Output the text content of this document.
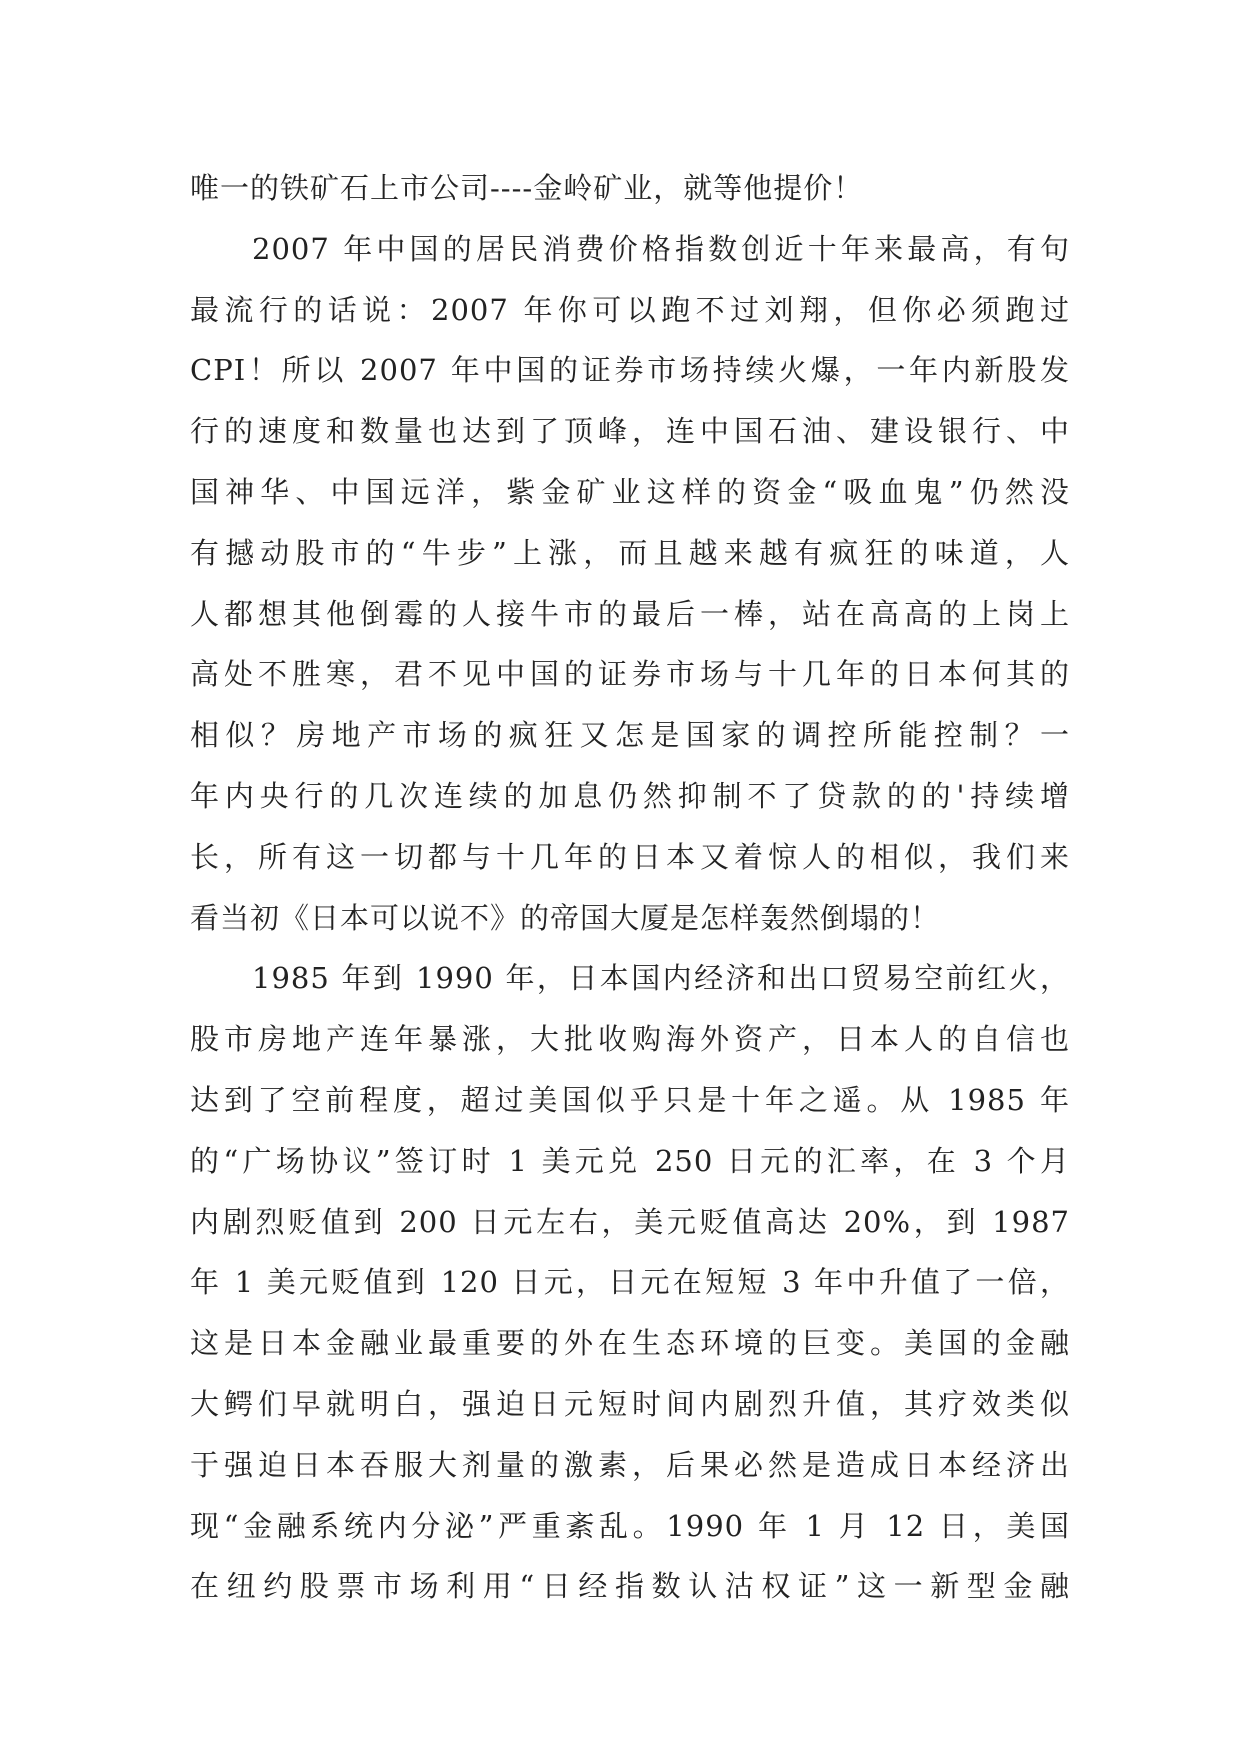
唯一的铁矿石上市公司----金岭矿业，就等他提价！
2007 年中国的居民消费价格指数创近十年来最高，有句
最流行的话说：2007 年你可以跑不过刘翔，但你必须跑过
CPI！所以 2007 年中国的证券市场持续火爆，一年内新股发
行的速度和数量也达到了顶峰，连中国石油、建设银行、中
国神华、中国远洋，紫金矿业这样的资金“吸血鬼”仍然没
有撼动股市的“牛步”上涨，而且越来越有疯狂的味道，人
人都想其他倒霉的人接牛市的最后一棒，站在高高的上岗上
高处不胜寒，君不见中国的证券市场与十几年的日本何其的
相似？房地产市场的疯狂又怎是国家的调控所能控制？一
年内央行的几次连续的加息仍然抑制不了贷款的的'持续增
长，所有这一切都与十几年的日本又着惊人的相似，我们来
看当初《日本可以说不》的帝国大厦是怎样轰然倒塌的！
1985 年到 1990 年，日本国内经济和出口贸易空前红火，
股市房地产连年暴涨，大批收购海外资产，日本人的自信也
达到了空前程度，超过美国似乎只是十年之遥。从 1985 年
的“广场协议”签订时 1 美元兑 250 日元的汇率，在 3 个月
内剧烈贬值到 200 日元左右，美元贬值高达 20%，到 1987
年 1 美元贬值到 120 日元，日元在短短 3 年中升值了一倍，
这是日本金融业最重要的外在生态环境的巨变。美国的金融
大鳄们早就明白，强迫日元短时间内剧烈升值，其疗效类似
于强迫日本吞服大剂量的激素，后果必然是造成日本经济出
现“金融系统内分泌”严重紊乱。1990 年 1 月 12 日，美国
在纽约股票市场利用“日经指数认沽权证”这一新型金融
